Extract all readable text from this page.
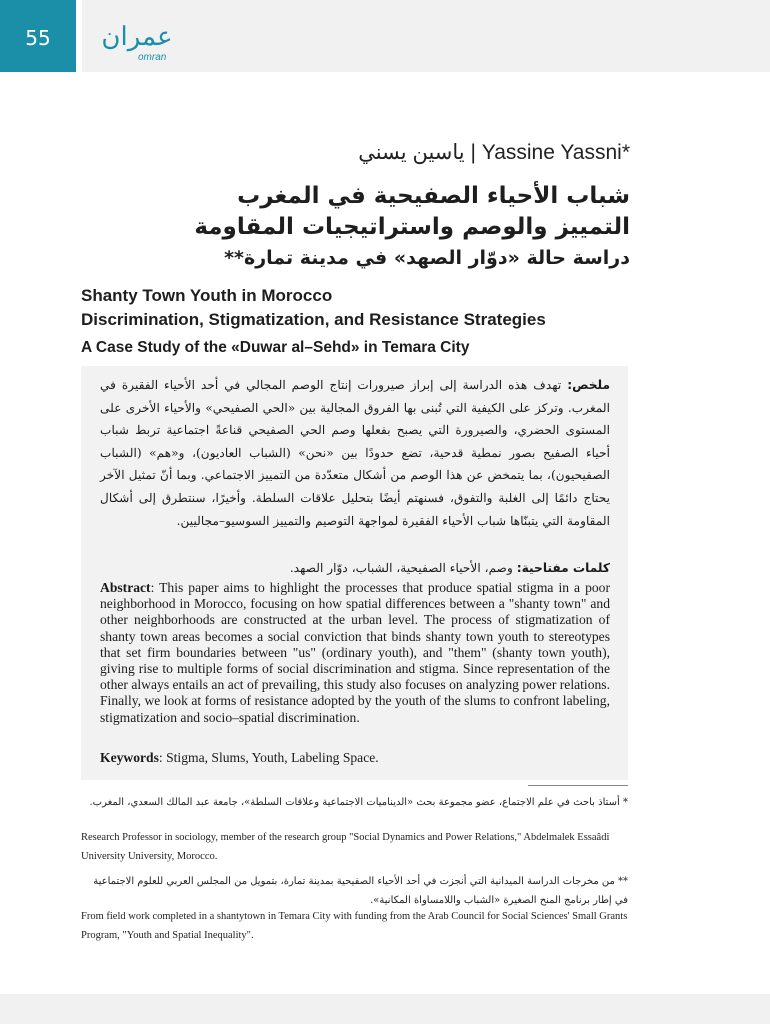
55	عمران
omran
ياسين يسني | Yassine Yassni*
شباب الأحياء الصفيحية في المغرب
التمييز والوصم واستراتيجيات المقاومة
دراسة حالة «دوّار الصهد» في مدينة تمارة**
Shanty Town Youth in Morocco
Discrimination, Stigmatization, and Resistance Strategies
A Case Study of the «Duwar al–Sehd» in Temara City
ملخص: تهدف هذه الدراسة إلى إبراز صيرورات إنتاج الوصم المجالي في أحد الأحياء الفقيرة في المغرب. وتركز على الكيفية التي تُبنى بها الفروق المجالية بين «الحي الصفيحي» والأحياء الأخرى على المستوى الحضري، والصيرورة التي يصبح بفعلها وصم الحي الصفيحي قناعةً اجتماعية تربط شباب أحياء الصفيح بصور نمطية قدحية، تضع حدودًا بين «نحن» (الشباب العاديون)، و«هم» (الشباب الصفيحيون)، بما يتمخض عن هذا الوصم من أشكال متعدّدة من التمييز الاجتماعي. وبما أنّ تمثيل الآخر يحتاج دائمًا إلى الغلبة والتفوق، فسنهتم أيضًا بتحليل علاقات السلطة. وأخيرًا، سنتطرق إلى أشكال المقاومة التي يتبنّاها شباب الأحياء الفقيرة لمواجهة التوصيم والتمييز السوسيو–مجاليين.
كلمات مفتاحية: وصم، الأحياء الصفيحية، الشباب، دوّار الصهد.
Abstract: This paper aims to highlight the processes that produce spatial stigma in a poor neighborhood in Morocco, focusing on how spatial differences between a "shanty town" and other neighborhoods are constructed at the urban level. The process of stigmatization of shanty town areas becomes a social conviction that binds shanty town youth to stereotypes that set firm boundaries between "us" (ordinary youth), and "them" (shanty town youth), giving rise to multiple forms of social discrimination and stigma. Since representation of the other always entails an act of prevailing, this study also focuses on analyzing power relations. Finally, we look at forms of resistance adopted by the youth of the slums to confront labeling, stigmatization and socio–spatial discrimination.
Keywords: Stigma, Slums, Youth, Labeling Space.
* أستاذ باحث في علم الاجتماع، عضو مجموعة بحث «الديناميات الاجتماعية وعلاقات السلطة»، جامعة عبد المالك السعدي، المغرب.
Research Professor in sociology, member of the research group "Social Dynamics and Power Relations," Abdelmalek Essaâdi University University, Morocco.
** من مخرجات الدراسة الميدانية التي أنجزت في أحد الأحياء الصفيحية بمدينة تمارة، بتمويل من المجلس العربي للعلوم الاجتماعية في إطار برنامج المنح الصغيرة «الشباب واللامساواة المكانية».
From field work completed in a shantytown in Temara City with funding from the Arab Council for Social Sciences' Small Grants Program, "Youth and Spatial Inequality".
